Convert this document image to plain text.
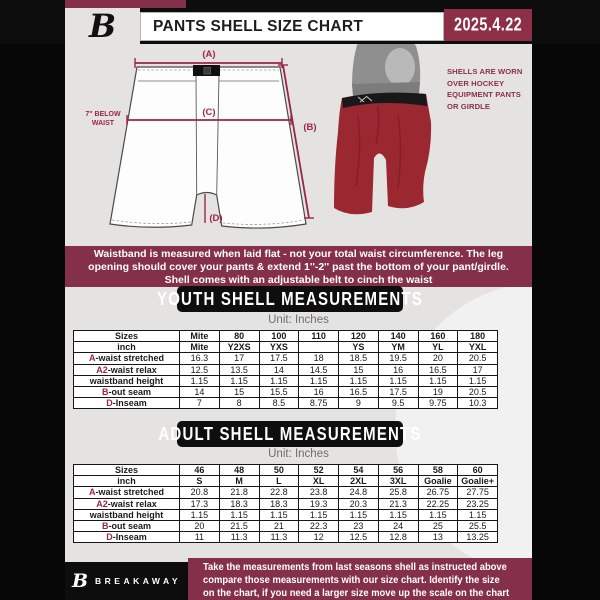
(A)
(C)
(B)
(D)
7" BELOW
WAIST
SHELLS ARE WORN
OVER HOCKEY
EQUIPMENT PANTS
OR GIRDLE
Waistband is measured when laid flat - not your total waist circumference. The leg
opening should cover your pants & extend 1''-2'' past the bottom of your pant/girdle.
Shell comes with an adjustable belt to cinch the waist
YOUTH SHELL MEASUREMENTS
Unit: Inches
Sizes	Mite	80	100	110	120	140	160	180
inch	Mite	Y2XS	YXS		YS	YM	YL	YXL
A-waist stretched	16.3	17	17.5	18	18.5	19.5	20	20.5
A2-waist relax	12.5	13.5	14	14.5	15	16	16.5	17
waistband height	1.15	1.15	1.15	1.15	1.15	1.15	1.15	1.15
B-out seam	14	15	15.5	16	16.5	17.5	19	20.5
D-Inseam	7	8	8.5	8.75	9	9.5	9.75	10.3
ADULT SHELL MEASUREMENTS
Unit: Inches
Sizes	46	48	50	52	54	56	58	60
inch	S	M	L	XL	2XL	3XL	Goalie	Goalie+
A-waist stretched	20.8	21.8	22.8	23.8	24.8	25.8	26.75	27.75
A2-waist relax	17.3	18.3	18.3	19.3	20.3	21.3	22.25	23.25
waistband height	1.15	1.15	1.15	1.15	1.15	1.15	1.15	1.15
B-out seam	20	21.5	21	22.3	23	24	25	25.5
D-Inseam	11	11.3	11.3	12	12.5	12.8	13	13.25
B BREAKAWAY
Take the measurements from last seasons shell as instructed above
compare those measurements with our size chart. Identify the size
on the chart, if you need a larger size move up the scale on the chart
B	PANTS SHELL SIZE CHART	2025.4.22
